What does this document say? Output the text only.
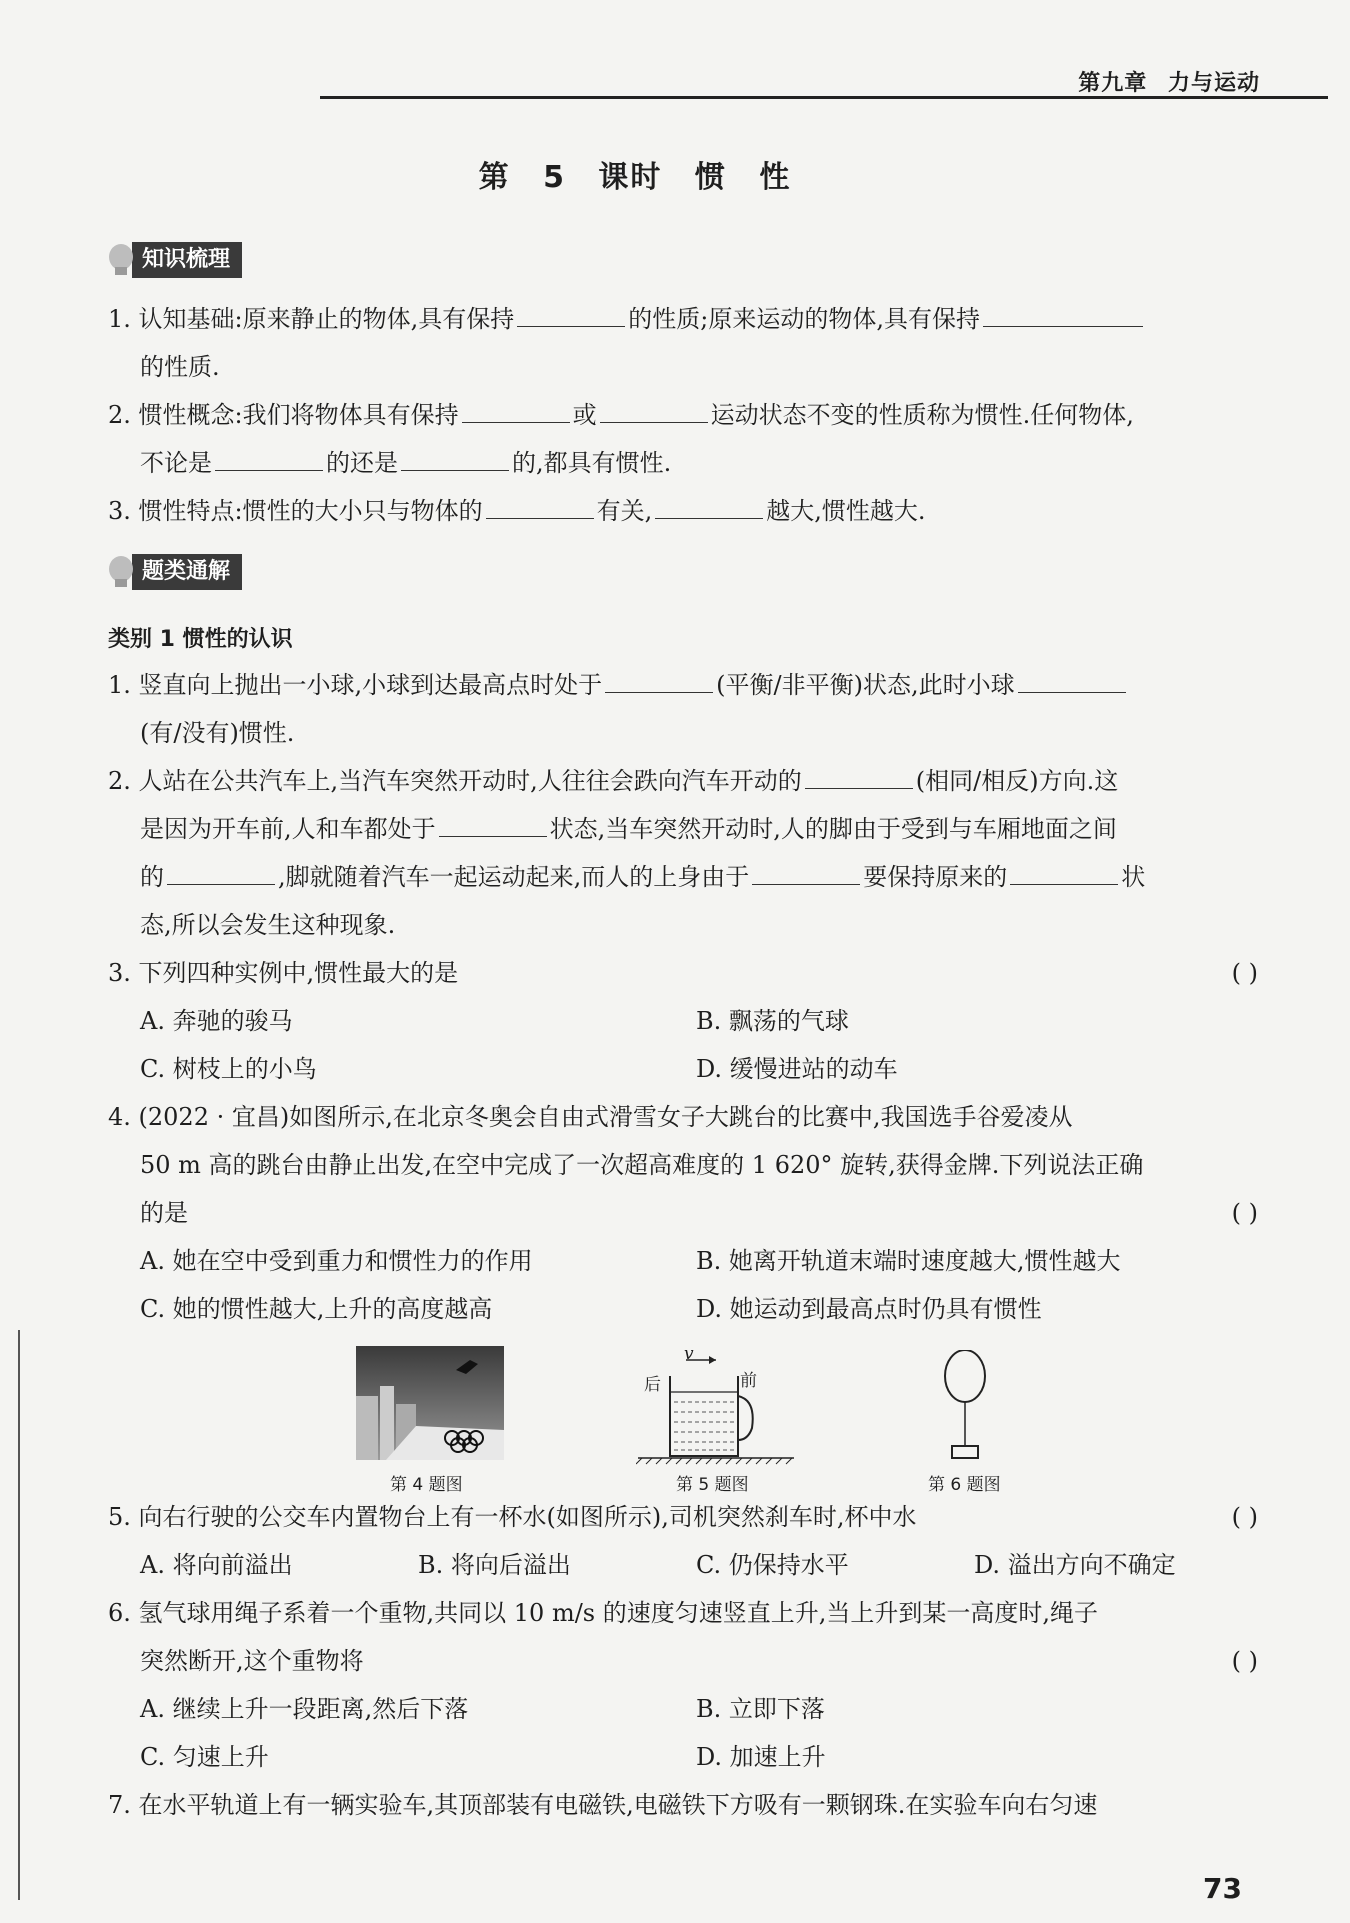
第九章 力与运动
第 5 课时 惯 性
知识梳理
1. 认知基础:原来静止的物体,具有保持	的性质;原来运动的物体,具有保持
的性质.
2. 惯性概念:我们将物体具有保持	或	运动状态不变的性质称为惯性.任何物体,
不论是	的还是	的,都具有惯性.
3. 惯性特点:惯性的大小只与物体的	有关,	越大,惯性越大.
题类通解
类别 1 惯性的认识
1. 竖直向上抛出一小球,小球到达最高点时处于	(平衡/非平衡)状态,此时小球
(有/没有)惯性.
2. 人站在公共汽车上,当汽车突然开动时,人往往会跌向汽车开动的	(相同/相反)方向.这
是因为开车前,人和车都处于	状态,当车突然开动时,人的脚由于受到与车厢地面之间
的	,脚就随着汽车一起运动起来,而人的上身由于	要保持原来的	状
态,所以会发生这种现象.
3. 下列四种实例中,惯性最大的是	( )
A. 奔驰的骏马	B. 飘荡的气球
C. 树枝上的小鸟	D. 缓慢进站的动车
4. (2022 · 宜昌)如图所示,在北京冬奥会自由式滑雪女子大跳台的比赛中,我国选手谷爱凌从
50 m 高的跳台由静止出发,在空中完成了一次超高难度的 1 620° 旋转,获得金牌.下列说法正确
的是	( )
A. 她在空中受到重力和惯性力的作用	B. 她离开轨道末端时速度越大,惯性越大
C. 她的惯性越大,上升的高度越高	D. 她运动到最高点时仍具有惯性
第 4 题图
v
后	前
第 5 题图	第 6 题图
5. 向右行驶的公交车内置物台上有一杯水(如图所示),司机突然刹车时,杯中水	( )
A. 将向前溢出	B. 将向后溢出	C. 仍保持水平	D. 溢出方向不确定
6. 氢气球用绳子系着一个重物,共同以 10 m/s 的速度匀速竖直上升,当上升到某一高度时,绳子
突然断开,这个重物将	( )
A. 继续上升一段距离,然后下落	B. 立即下落
C. 匀速上升	D. 加速上升
7. 在水平轨道上有一辆实验车,其顶部装有电磁铁,电磁铁下方吸有一颗钢珠.在实验车向右匀速
73
